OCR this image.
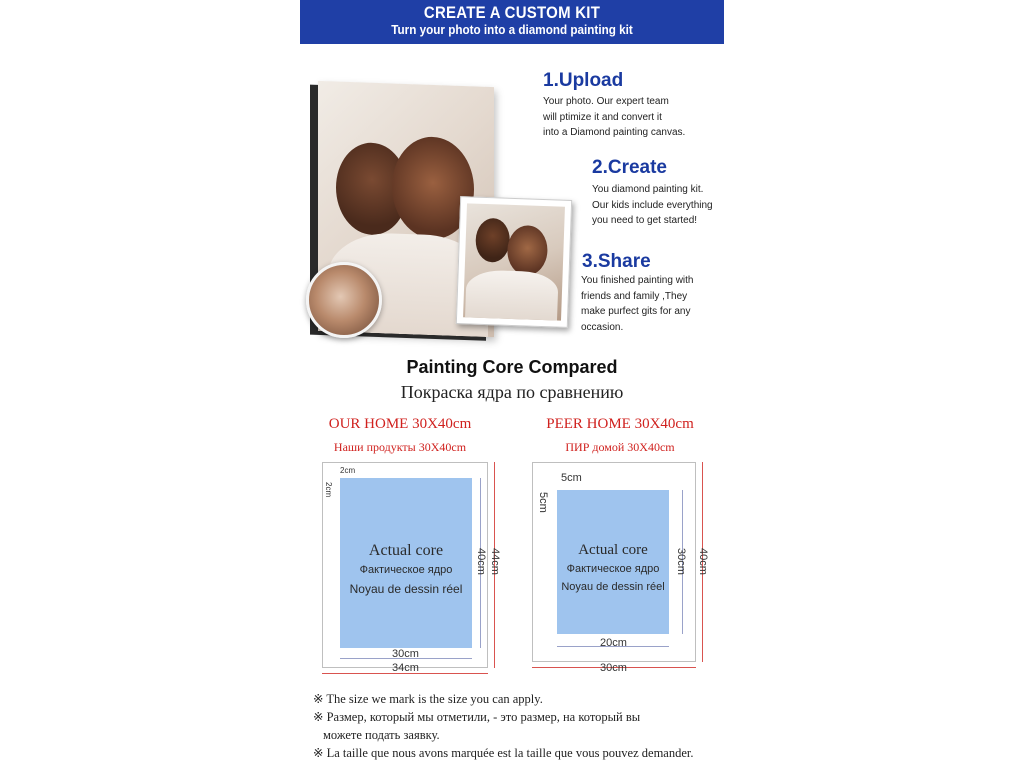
CREATE A CUSTOM KIT
Turn your photo into a diamond painting kit
1.Upload
Your photo. Our expert team
will ptimize it and convert it
into a Diamond painting canvas.
2.Create
You diamond painting kit.
Our kids include everything
you need to get started!
3.Share
You finished painting with
friends and family ,They
make purfect gits for any
occasion.
Painting Core Compared
Покраска ядра по сравнению
OUR HOME 30X40cm
Наши продукты 30X40cm
PEER HOME 30X40cm
ПИР домой 30X40cm
Actual core
Фактическое ядро
Noyau de dessin réel
2cm
2cm
40cm 44cm
30cm
34cm
Actual core
Фактическое ядро
Noyau de dessin réel
5cm
5cm
30cm 40cm
20cm
30cm
※ The size we mark is the size you can apply.
※ Размер, который мы отметили, - это размер, на который вы
можете подать заявку.
※ La taille que nous avons marquée est la taille que vous pouvez demander.
